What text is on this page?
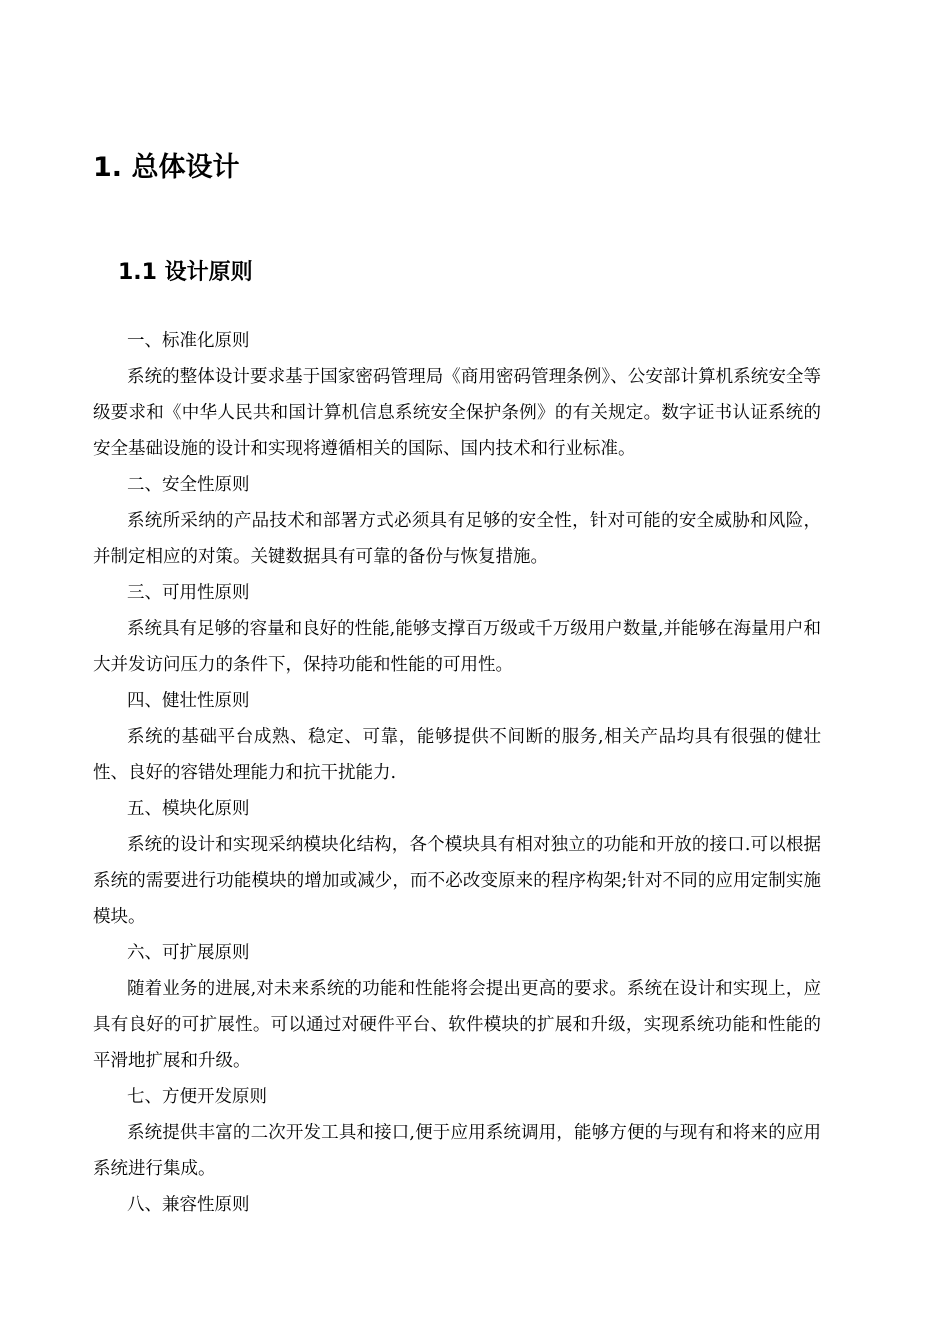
1. 总体设计
1.1 设计原则

一、标准化原则

系统的整体设计要求基于国家密码管理局《商用密码管理条例》、公安部计算机系统安全等级要求和《中华人民共和国计算机信息系统安全保护条例》的有关规定。数字证书认证系统的安全基础设施的设计和实现将遵循相关的国际、国内技术和行业标准。

二、安全性原则

系统所采纳的产品技术和部署方式必须具有足够的安全性，针对可能的安全威胁和风险，并制定相应的对策。关键数据具有可靠的备份与恢复措施。

三、可用性原则

系统具有足够的容量和良好的性能,能够支撑百万级或千万级用户数量,并能够在海量用户和大并发访问压力的条件下，保持功能和性能的可用性。

四、健壮性原则

系统的基础平台成熟、稳定、可靠，能够提供不间断的服务,相关产品均具有很强的健壮性、良好的容错处理能力和抗干扰能力.

五、模块化原则

系统的设计和实现采纳模块化结构，各个模块具有相对独立的功能和开放的接口.可以根据系统的需要进行功能模块的增加或减少，而不必改变原来的程序构架;针对不同的应用定制实施模块。

六、可扩展原则

随着业务的进展,对未来系统的功能和性能将会提出更高的要求。系统在设计和实现上，应具有良好的可扩展性。可以通过对硬件平台、软件模块的扩展和升级，实现系统功能和性能的平滑地扩展和升级。

七、方便开发原则

系统提供丰富的二次开发工具和接口,便于应用系统调用，能够方便的与现有和将来的应用系统进行集成。

八、兼容性原则
